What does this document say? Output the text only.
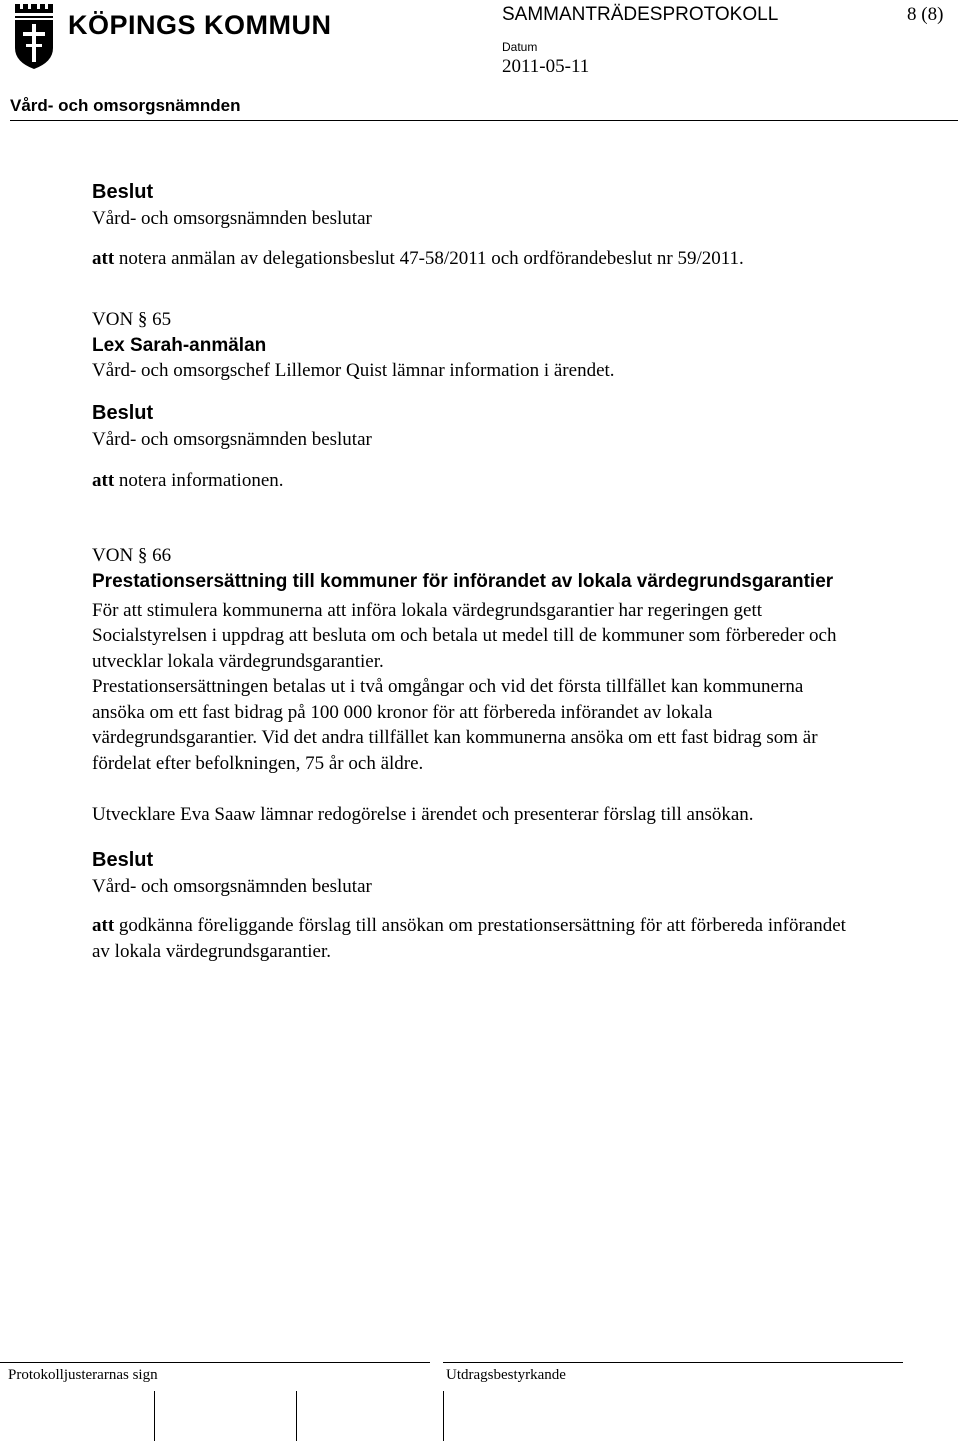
KÖPINGS KOMMUN	SAMMANTRÄDESPROTOKOLL	8 (8)
Datum
2011-05-11
Vård- och omsorgsnämnden
Beslut

Vård- och omsorgsnämnden beslutar

att notera anmälan av delegationsbeslut 47-58/2011 och ordförandebeslut nr 59/2011.

VON § 65

Lex Sarah-anmälan

Vård- och omsorgschef Lillemor Quist lämnar information i ärendet.

Beslut

Vård- och omsorgsnämnden beslutar

att notera informationen.

VON § 66

Prestationsersättning till kommuner för införandet av lokala värdegrundsgarantier

För att stimulera kommunerna att införa lokala värdegrundsgarantier har regeringen gett Socialstyrelsen i uppdrag att besluta om och betala ut medel till de kommuner som förbereder och utvecklar lokala värdegrundsgarantier.

Prestationsersättningen betalas ut i två omgångar och vid det första tillfället kan kommunerna ansöka om ett fast bidrag på 100 000 kronor för att förbereda införandet av lokala värdegrundsgarantier. Vid det andra tillfället kan kommunerna ansöka om ett fast bidrag som är fördelat efter befolkningen, 75 år och äldre.

Utvecklare Eva Saaw lämnar redogörelse i ärendet och presenterar förslag till ansökan.

Beslut

Vård- och omsorgsnämnden beslutar

att godkänna föreliggande förslag till ansökan om prestationsersättning för att förbereda införandet av lokala värdegrundsgarantier.

Protokolljusterarnas sign	Utdragsbestyrkande
